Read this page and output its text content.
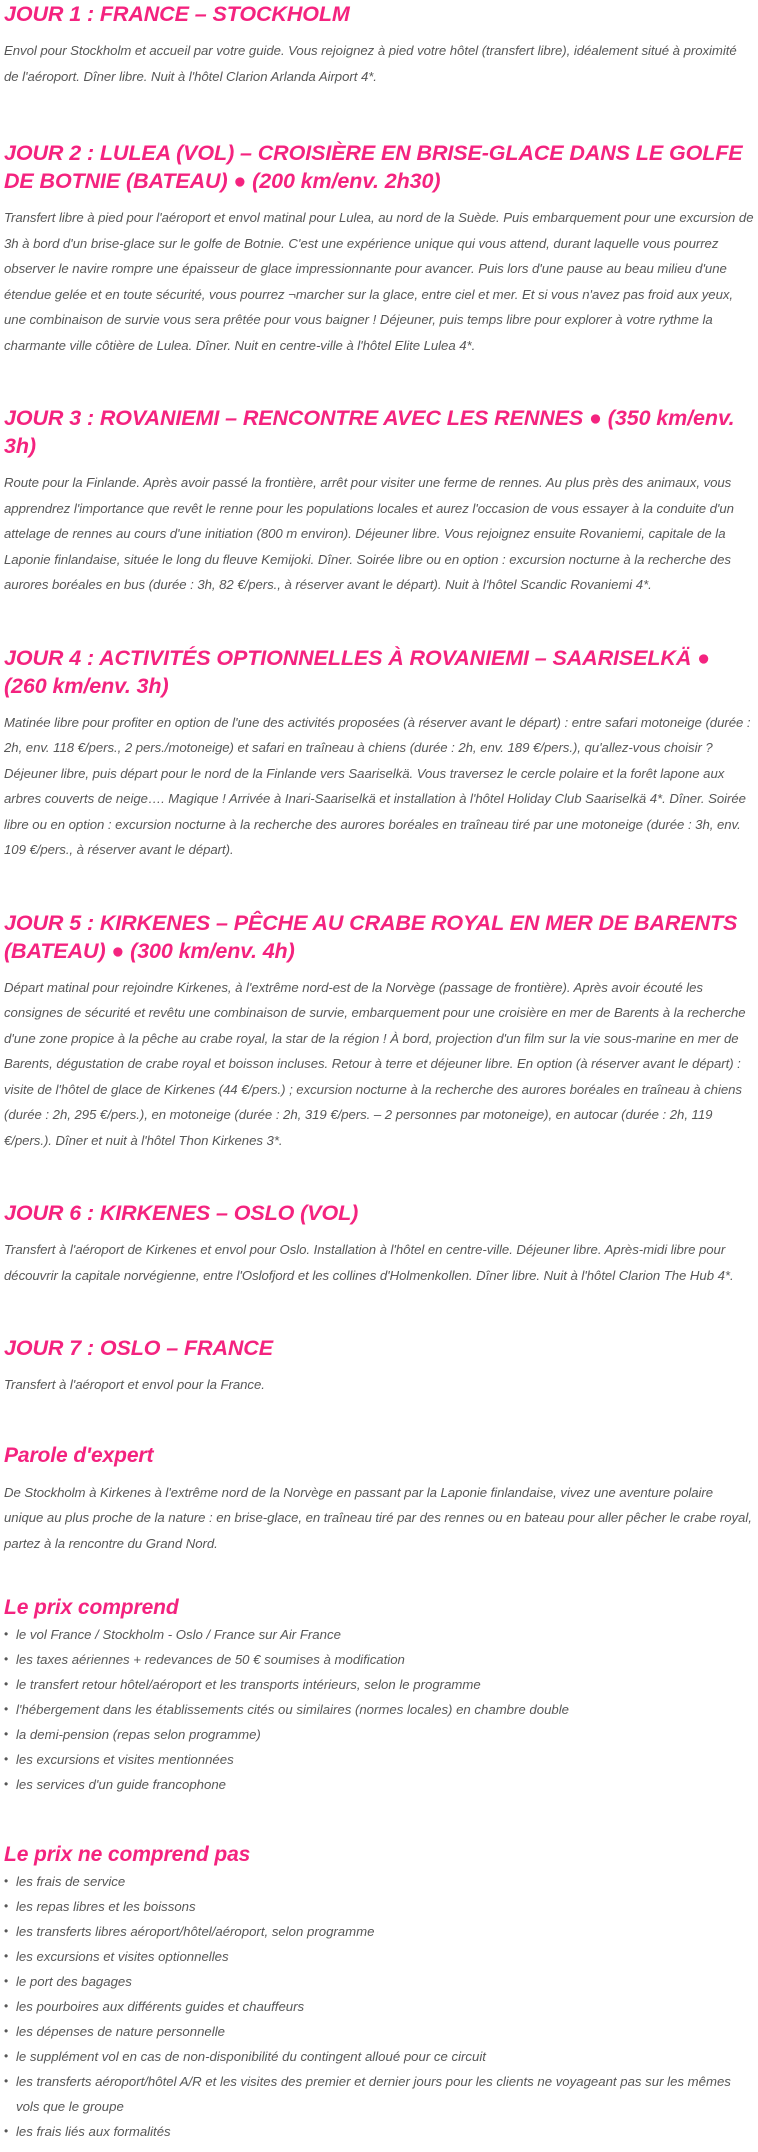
JOUR 1 : FRANCE – STOCKHOLM

Envol pour Stockholm et accueil par votre guide. Vous rejoignez à pied votre hôtel (transfert libre), idéalement situé à proximité de l'aéroport. Dîner libre. Nuit à l'hôtel Clarion Arlanda Airport 4*.

JOUR 2 : LULEA (VOL) – CROISIÈRE EN BRISE-GLACE DANS LE GOLFE DE BOTNIE (BATEAU) ● (200 km/env. 2h30)

Transfert libre à pied pour l'aéroport et envol matinal pour Lulea, au nord de la Suède. Puis embarquement pour une excursion de 3h à bord d'un brise-glace sur le golfe de Botnie. C'est une expérience unique qui vous attend, durant laquelle vous pourrez observer le navire rompre une épaisseur de glace impressionnante pour avancer. Puis lors d'une pause au beau milieu d'une étendue gelée et en toute sécurité, vous pourrez ¬marcher sur la glace, entre ciel et mer. Et si vous n'avez pas froid aux yeux, une combinaison de survie vous sera prêtée pour vous baigner ! Déjeuner, puis temps libre pour explorer à votre rythme la charmante ville côtière de Lulea. Dîner. Nuit en centre-ville à l'hôtel Elite Lulea 4*.

JOUR 3 : ROVANIEMI – RENCONTRE AVEC LES RENNES ● (350 km/env. 3h)

Route pour la Finlande. Après avoir passé la frontière, arrêt pour visiter une ferme de rennes. Au plus près des animaux, vous apprendrez l'importance que revêt le renne pour les populations locales et aurez l'occasion de vous essayer à la conduite d'un attelage de rennes au cours d'une initiation (800 m environ). Déjeuner libre. Vous rejoignez ensuite Rovaniemi, capitale de la Laponie finlandaise, située le long du fleuve Kemijoki. Dîner. Soirée libre ou en option : excursion nocturne à la recherche des aurores boréales en bus (durée : 3h, 82 €/pers., à réserver avant le départ). Nuit à l'hôtel Scandic Rovaniemi 4*.

JOUR 4 : ACTIVITÉS OPTIONNELLES À ROVANIEMI – SAARISELKÄ ● (260 km/env. 3h)

Matinée libre pour profiter en option de l'une des activités proposées (à réserver avant le départ) : entre safari motoneige (durée : 2h, env. 118 €/pers., 2 pers./motoneige) et safari en traîneau à chiens (durée : 2h, env. 189 €/pers.), qu'allez-vous choisir ? Déjeuner libre, puis départ pour le nord de la Finlande vers Saariselkä. Vous traversez le cercle polaire et la forêt lapone aux arbres couverts de neige…. Magique ! Arrivée à Inari-Saariselkä et installation à l'hôtel Holiday Club Saariselkä 4*. Dîner. Soirée libre ou en option : excursion nocturne à la recherche des aurores boréales en traîneau tiré par une motoneige (durée : 3h, env. 109 €/pers., à réserver avant le départ).

JOUR 5 : KIRKENES – PÊCHE AU CRABE ROYAL EN MER DE BARENTS (BATEAU) ● (300 km/env. 4h)

Départ matinal pour rejoindre Kirkenes, à l'extrême nord-est de la Norvège (passage de frontière). Après avoir écouté les consignes de sécurité et revêtu une combinaison de survie, embarquement pour une croisière en mer de Barents à la recherche d'une zone propice à la pêche au crabe royal, la star de la région ! À bord, projection d'un film sur la vie sous-marine en mer de Barents, dégustation de crabe royal et boisson incluses. Retour à terre et déjeuner libre. En option (à réserver avant le départ) : visite de l'hôtel de glace de Kirkenes (44 €/pers.) ; excursion nocturne à la recherche des aurores boréales en traîneau à chiens (durée : 2h, 295 €/pers.), en motoneige (durée : 2h, 319 €/pers. – 2 personnes par motoneige), en autocar (durée : 2h, 119 €/pers.). Dîner et nuit à l'hôtel Thon Kirkenes 3*.

JOUR 6 : KIRKENES – OSLO (VOL)

Transfert à l'aéroport de Kirkenes et envol pour Oslo. Installation à l'hôtel en centre-ville. Déjeuner libre. Après-midi libre pour découvrir la capitale norvégienne, entre l'Oslofjord et les collines d'Holmenkollen. Dîner libre. Nuit à l'hôtel Clarion The Hub 4*.

JOUR 7 : OSLO – FRANCE

Transfert à l'aéroport et envol pour la France.

Parole d'expert

De Stockholm à Kirkenes à l'extrême nord de la Norvège en passant par la Laponie finlandaise, vivez une aventure polaire unique au plus proche de la nature : en brise-glace, en traîneau tiré par des rennes ou en bateau pour aller pêcher le crabe royal, partez à la rencontre du Grand Nord.

Le prix comprend
• le vol France / Stockholm - Oslo / France sur Air France
• les taxes aériennes + redevances de 50 € soumises à modification
• le transfert retour hôtel/aéroport et les transports intérieurs, selon le programme
• l'hébergement dans les établissements cités ou similaires (normes locales) en chambre double
• la demi-pension (repas selon programme)
• les excursions et visites mentionnées
• les services d'un guide francophone
Le prix ne comprend pas
• les frais de service
• les repas libres et les boissons
• les transferts libres aéroport/hôtel/aéroport, selon programme
• les excursions et visites optionnelles
• le port des bagages
• les pourboires aux différents guides et chauffeurs
• les dépenses de nature personnelle
• le supplément vol en cas de non-disponibilité du contingent alloué pour ce circuit
• les transferts aéroport/hôtel A/R et les visites des premier et dernier jours pour les clients ne voyageant pas sur les mêmes vols que le groupe
• les frais liés aux formalités
